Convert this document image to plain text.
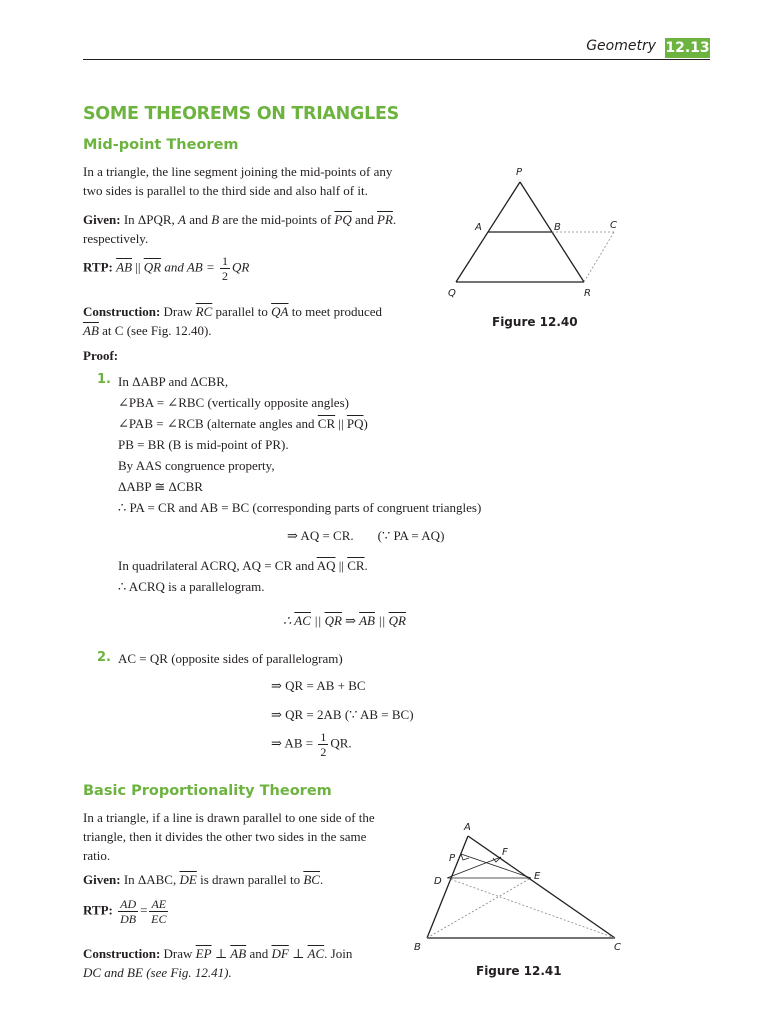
Geometry 12.13
SOME THEOREMS ON TRIANGLES
Mid-point Theorem
In a triangle, the line segment joining the mid-points of any
two sides is parallel to the third side and also half of it.
Given: In ΔPQR, A and B are the mid-points of $\overline{PQ}$ and $\overline{PR}$.
respectively.
RTP: $\overline{AB}$ || $\overline{QR}$ and AB = $\frac{1}{2}$ QR
Construction: Draw $\overline{RC}$ parallel to $\overline{QA}$ to meet produced
$\overline{AB}$ at C (see Fig. 12.40).
Proof:
1. In ΔABP and ΔCBR,
∠PBA = ∠RBC (vertically opposite angles)
∠PAB = ∠RCB (alternate angles and $\overline{CR}$ || $\overline{PQ}$)
PB = BR (B is mid-point of PR).
By AAS congruence property,
ΔABP ≅ ΔCBR
∴ PA = CR and AB = BC (corresponding parts of congruent triangles)
⇒ AQ = CR. (∵ PA = AQ)
In quadrilateral ACRQ, AQ = CR and $\overline{AQ}$ || $\overline{CR}$.
∴ ACRQ is a parallelogram.
∴ $\overline{AC}$ || $\overline{QR}$ ⇒ $\overline{AB}$ || $\overline{QR}$
2. AC = QR (opposite sides of parallelogram)
⇒ QR = AB + BC
⇒ QR = 2AB (∵ AB = BC)
⇒ AB = $\frac{1}{2}$ QR.
P
A	B	C
Q	R
Figure 12.40
Basic Proportionality Theorem
In a triangle, if a line is drawn parallel to one side of the
triangle, then it divides the other two sides in the same
ratio.
Given: In ΔABC, $\overline{DE}$ is drawn parallel to $\overline{BC}$.
RTP: $\frac{AD}{DB} = \frac{AE}{EC}$
Construction: Draw $\overline{EP}$ ⊥ $\overline{AB}$ and $\overline{DF}$ ⊥ $\overline{AC}$. Join
DC and BE (see Fig. 12.41).
A
P
F
D	E
B	C
Figure 12.41
